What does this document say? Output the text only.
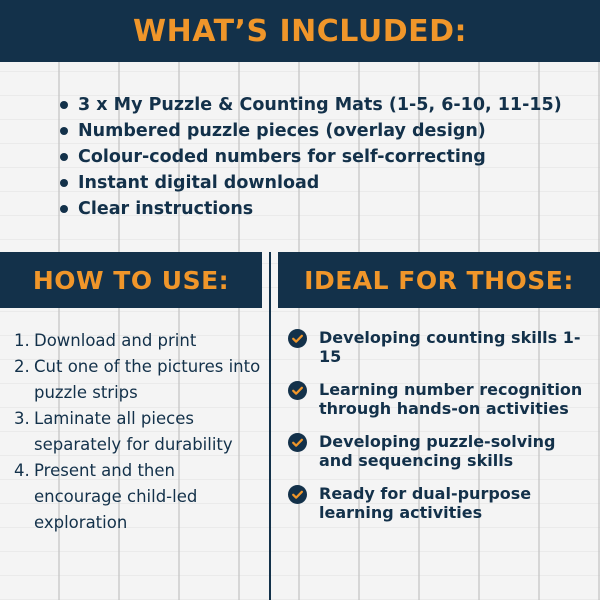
WHAT’S INCLUDED:
3 x My Puzzle & Counting Mats (1-5, 6-10, 11-15)
Numbered puzzle pieces (overlay design)
Colour-coded numbers for self-correcting
Instant digital download
Clear instructions
HOW TO USE:	IDEAL FOR THOSE:
1. Download and print
2. Cut one of the pictures into puzzle strips
3. Laminate all pieces separately for durability
4. Present and then encourage child-led exploration
Developing counting skills 1-15
Learning number recognition through hands-on activities
Developing puzzle-solving and sequencing skills
Ready for dual-purpose learning activities
